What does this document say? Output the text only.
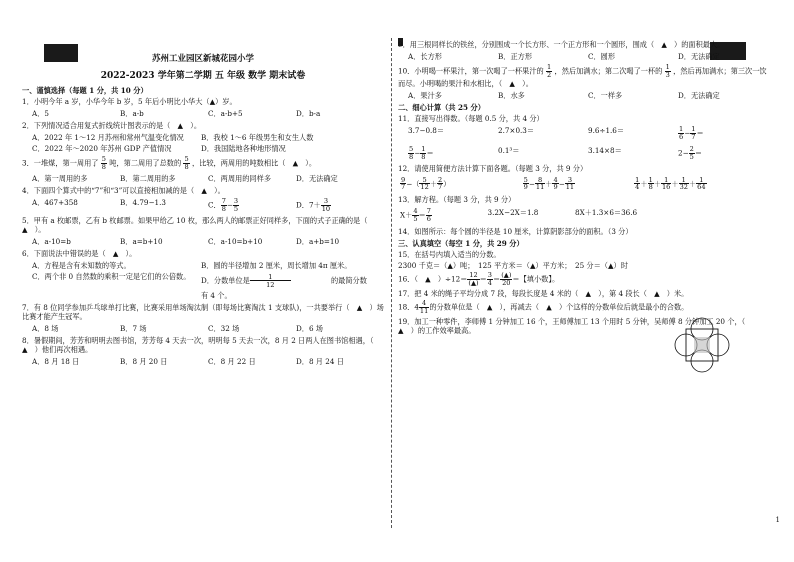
苏州工业园区新城花园小学
2022-2023 学年第二学期 五 年级 数学 期末试卷
一、谨慎选择（每题 1 分，共 10 分）
1．小明今年 a 岁，小华今年 b 岁，5 年后小明比小华大（▲）岁。
A．5	B．a-b	C．a-b+5	D．b-a
2．下列情况适合用复式折线统计图表示的是（　▲　）。
A．2022 年 1～12 月苏州和常州气温变化情况	B．我校 1～6 年级男生和女生人数
C．2022 年～2020 年苏州 GDP 产值情况	D．我国陆地各种地形情况
3．一堆煤，第一周用了 $\frac{5}{8}$ 吨，第二周用了总数的 $\frac{5}{8}$ ，比较，两周用的吨数相比（　▲　）。
A．第一周用的多	B．第二周用的多	C．两周用的同样多	D．无法确定
4．下面四个算式中的“7”和“3”可以直接相加减的是（　▲　）。
A．467+358	B．4.79−1.3	C． $\frac{7}{8} - \frac{3}{5}$	D．$7+ \frac{3}{10}$
5．甲有 a 枚邮票，乙有 b 枚邮票。如果甲给乙 10 枚，那么两人的邮票正好同样多，下面的式子正确的是（　▲　）。
A．a-10=b	B．a=b+10	C．a-10=b+10	D．a+b=10
6．下面说法中错误的是（　▲　）。
A．方程是含有未知数的等式。	B．圆的半径增加 2 厘米，周长增加 4π 厘米。
C．两个非 0 自然数的乘积一定是它们的公倍数。
D．分数单位是 $\frac{1}{12}$ 的最简分数有 4 个。
7．有 8 位同学参加乒乓球单打比赛，比赛采用单场淘汰制（即每场比赛淘汰 1 支球队)，一共要举行（　▲　）场比赛才能产生冠军。
A．8 场	B．7 场	C．32 场	D．6 场
8．暑假期间，芳芳和明明去图书馆，芳芳每 4 天去一次，明明每 5 天去一次，8 月 2 日两人在图书馆相遇，（　▲　）他们再次相遇。
A．8 月 18 日	B．8 月 20 日	C．8 月 22 日	D．8 月 24 日
9．用三根同样长的铁丝，分别围成一个长方形、一个正方形和一个圆形，围成（　▲　）的面积最大。
A．长方形	B．正方形	C．圆形	D．无法确定
10．小明喝一杯果汁，第一次喝了一杯果汁的 $\frac{1}{2}$ ，然后加满水；第二次喝了一杯的 $\frac{1}{3}$ ，然后再加满水；第三次一饮而尽。小明喝的果汁和水相比，（　▲　）。
A．果汁多	B．水多	C．一样多	D．无法确定
二、细心计算（共 25 分）
11．直接写出得数。（每题 0.5 分，共 4 分）
3.7−0.8＝	2.7×0.3＝	9.6÷1.6＝	$\frac{1}{6} - \frac{1}{7}$ ＝
$\frac{5}{8} - \frac{1}{8}$ ＝	0.1³＝	3.14×8＝	$2- \frac{2}{5}$ ＝
12．请使用简便方法计算下面各题。（每题 3 分，共 9 分）
$\frac{9}{7}$ −（ $\frac{5}{12} + \frac{2}{7}$ ）	$\frac{5}{9} - \frac{8}{11} + \frac{4}{9} - \frac{3}{11}$	$\frac{1}{4} + \frac{1}{8} + \frac{1}{16} + \frac{1}{32} + \frac{1}{64}$
13．解方程。（每题 3 分，共 9 分）
$X+ \frac{4}{5} = \frac{7}{6}$	3.2X−2X＝1.8	8X＋1.3×6＝36.6
14．如图所示：每个圆的半径是 10 厘米，计算阴影部分的面积。（3 分）
三、认真填空（每空 1 分，共 29 分）
15．在括号内填入适当的分数。
2300 千克＝（▲）吨；　125 平方米＝（▲）平方米；　25 分＝（▲）时
16．（　▲　）$\div 12= \frac{12}{(▲)} = \frac{3}{4} = \frac{(▲)}{20}$ ＝【填小数】。
17．把 4 米的绳子平均分成 7 段，每段长度是 4 米的（　▲　），第 4 段长（　▲　）米。
18．$4 \frac{4}{11}$ 的分数单位是（　▲　），再减去（　▲　）个这样的分数单位后就是最小的合数。
19．加工一种零件，李师傅 1 分钟加工 16 个，王师傅加工 13 个用时 5 分钟，吴师傅 8 分钟加工 20 个，（　▲　）的工作效率最高。
1
